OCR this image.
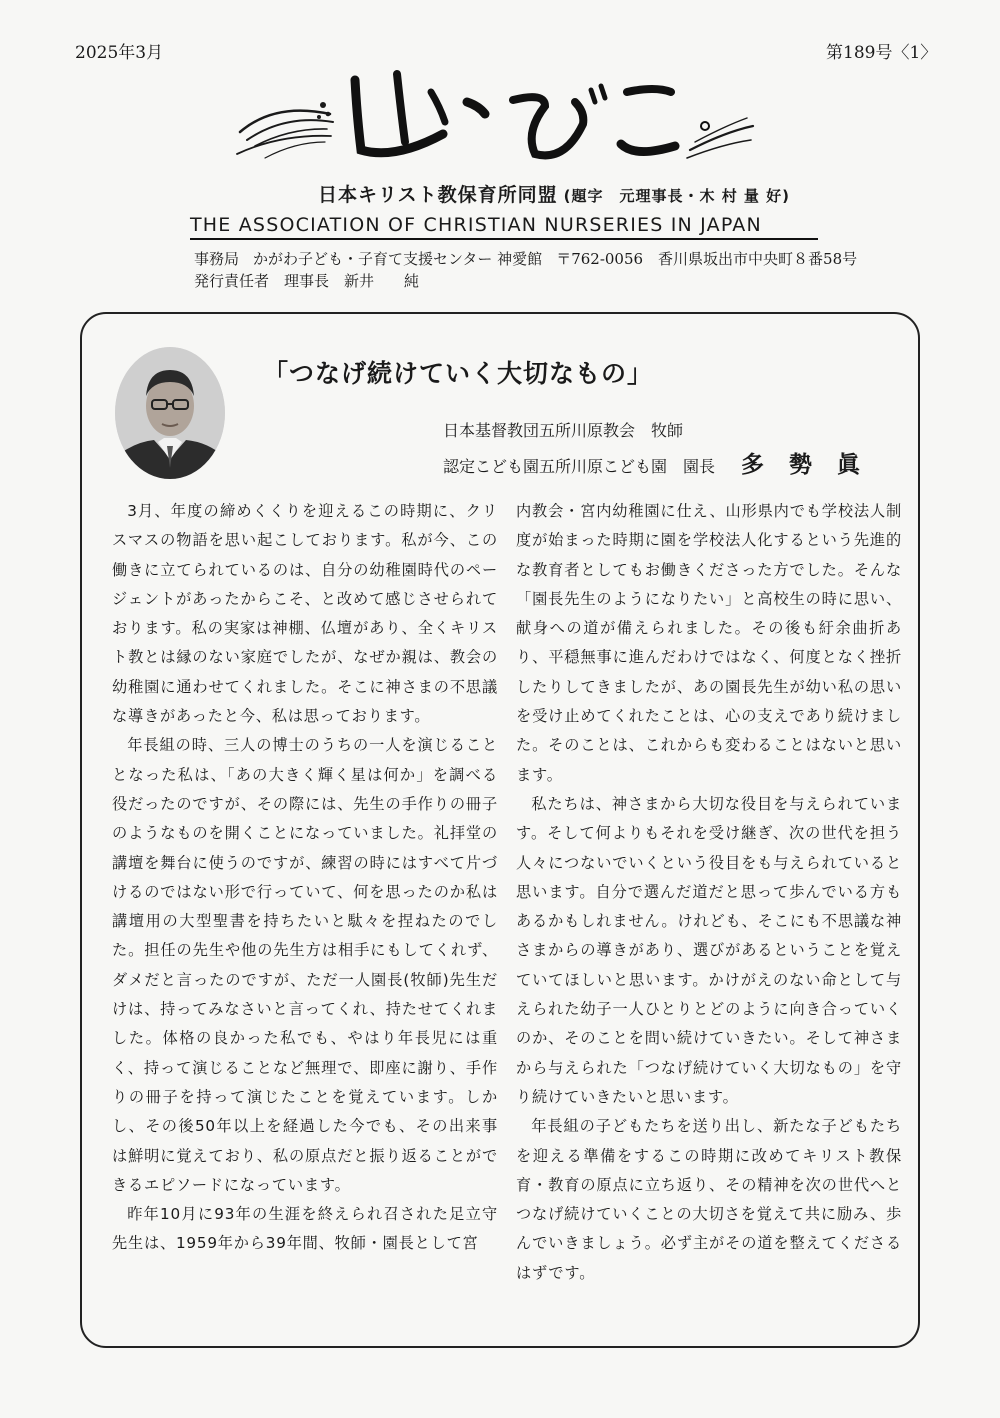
2025年3月	第189号〈1〉
日本キリスト教保育所同盟 (題字　元理事長・木 村 量 好)
THE ASSOCIATION OF CHRISTIAN NURSERIES IN JAPAN
事務局 かがわ子ども・子育て支援センター 神愛館 〒762-0056　香川県坂出市中央町８番58号
発行責任者　理事長　新井　　純
「つなげ続けていく大切なもの」
日本基督教団五所川原教会　牧師
認定こども園五所川原こども園　園長 多勢眞

3月、年度の締めくくりを迎えるこの時期に、クリスマスの物語を思い起こしております。私が今、この働きに立てられているのは、自分の幼稚園時代のページェントがあったからこそ、と改めて感じさせられております。私の実家は神棚、仏壇があり、全くキリスト教とは縁のない家庭でしたが、なぜか親は、教会の幼稚園に通わせてくれました。そこに神さまの不思議な導きがあったと今、私は思っております。

年長組の時、三人の博士のうちの一人を演じることとなった私は、「あの大きく輝く星は何か」を調べる役だったのですが、その際には、先生の手作りの冊子のようなものを開くことになっていました。礼拝堂の講壇を舞台に使うのですが、練習の時にはすべて片づけるのではない形で行っていて、何を思ったのか私は講壇用の大型聖書を持ちたいと駄々を捏ねたのでした。担任の先生や他の先生方は相手にもしてくれず、ダメだと言ったのですが、ただ一人園長(牧師)先生だけは、持ってみなさいと言ってくれ、持たせてくれました。体格の良かった私でも、やはり年長児には重く、持って演じることなど無理で、即座に謝り、手作りの冊子を持って演じたことを覚えています。しかし、その後50年以上を経過した今でも、その出来事は鮮明に覚えており、私の原点だと振り返ることができるエピソードになっています。

昨年10月に93年の生涯を終えられ召された足立守先生は、1959年から39年間、牧師・園長として宮

内教会・宮内幼稚園に仕え、山形県内でも学校法人制度が始まった時期に園を学校法人化するという先進的な教育者としてもお働きくださった方でした。そんな「園長先生のようになりたい」と高校生の時に思い、献身への道が備えられました。その後も紆余曲折あり、平穏無事に進んだわけではなく、何度となく挫折したりしてきましたが、あの園長先生が幼い私の思いを受け止めてくれたことは、心の支えであり続けました。そのことは、これからも変わることはないと思います。

私たちは、神さまから大切な役目を与えられています。そして何よりもそれを受け継ぎ、次の世代を担う人々につないでいくという役目をも与えられていると思います。自分で選んだ道だと思って歩んでいる方もあるかもしれません。けれども、そこにも不思議な神さまからの導きがあり、選びがあるということを覚えていてほしいと思います。かけがえのない命として与えられた幼子一人ひとりとどのように向き合っていくのか、そのことを問い続けていきたい。そして神さまから与えられた「つなげ続けていく大切なもの」を守り続けていきたいと思います。

年長組の子どもたちを送り出し、新たな子どもたちを迎える準備をするこの時期に改めてキリスト教保育・教育の原点に立ち返り、その精神を次の世代へとつなげ続けていくことの大切さを覚えて共に励み、歩んでいきましょう。必ず主がその道を整えてくださるはずです。
